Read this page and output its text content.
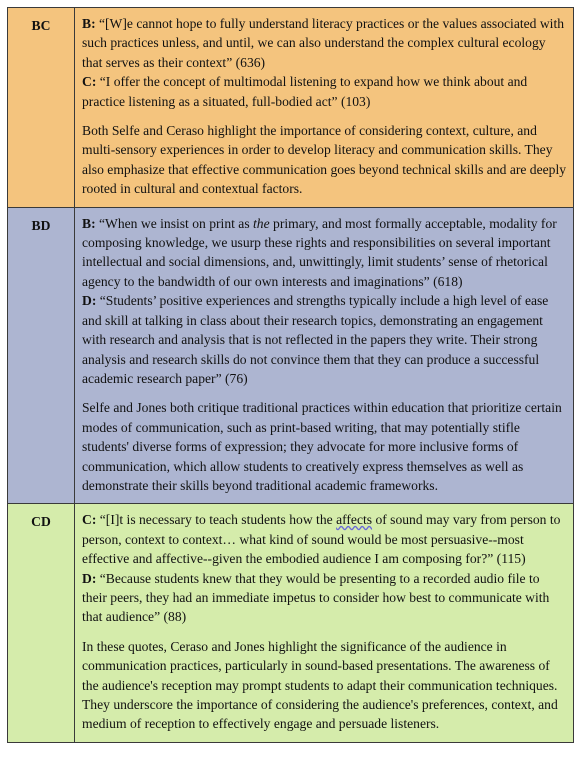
BC	B: “[W]e cannot hope to fully understand literacy practices or the values associated with such practices unless, and until, we can also understand the complex cultural ecology that serves as their context” (636)

C: “I offer the concept of multimodal listening to expand how we think about and practice listening as a situated, full-bodied act” (103)

Both Selfe and Ceraso highlight the importance of considering context, culture, and multi-sensory experiences in order to develop literacy and communication skills. They also emphasize that effective communication goes beyond technical skills and are deeply rooted in cultural and contextual factors.

BD	B: “When we insist on print as the primary, and most formally acceptable, modality for composing knowledge, we usurp these rights and responsibilities on several important intellectual and social dimensions, and, unwittingly, limit students’ sense of rhetorical agency to the bandwidth of our own interests and imaginations” (618)

D: “Students’ positive experiences and strengths typically include a high level of ease and skill at talking in class about their research topics, demonstrating an engagement with research and analysis that is not reflected in the papers they write. Their strong analysis and research skills do not convince them that they can produce a successful academic research paper” (76)

Selfe and Jones both critique traditional practices within education that prioritize certain modes of communication, such as print-based writing, that may potentially stifle students' diverse forms of expression; they advocate for more inclusive forms of communication, which allow students to creatively express themselves as well as demonstrate their skills beyond traditional academic frameworks.

CD	C: “[I]t is necessary to teach students how the affects of sound may vary from person to person, context to context… what kind of sound would be most persuasive--most effective and affective--given the embodied audience I am composing for?” (115)

D: “Because students knew that they would be presenting to a recorded audio file to their peers, they had an immediate impetus to consider how best to communicate with that audience” (88)

In these quotes, Ceraso and Jones highlight the significance of the audience in communication practices, particularly in sound-based presentations. The awareness of the audience's reception may prompt students to adapt their communication techniques. They underscore the importance of considering the audience's preferences, context, and medium of reception to effectively engage and persuade listeners.
